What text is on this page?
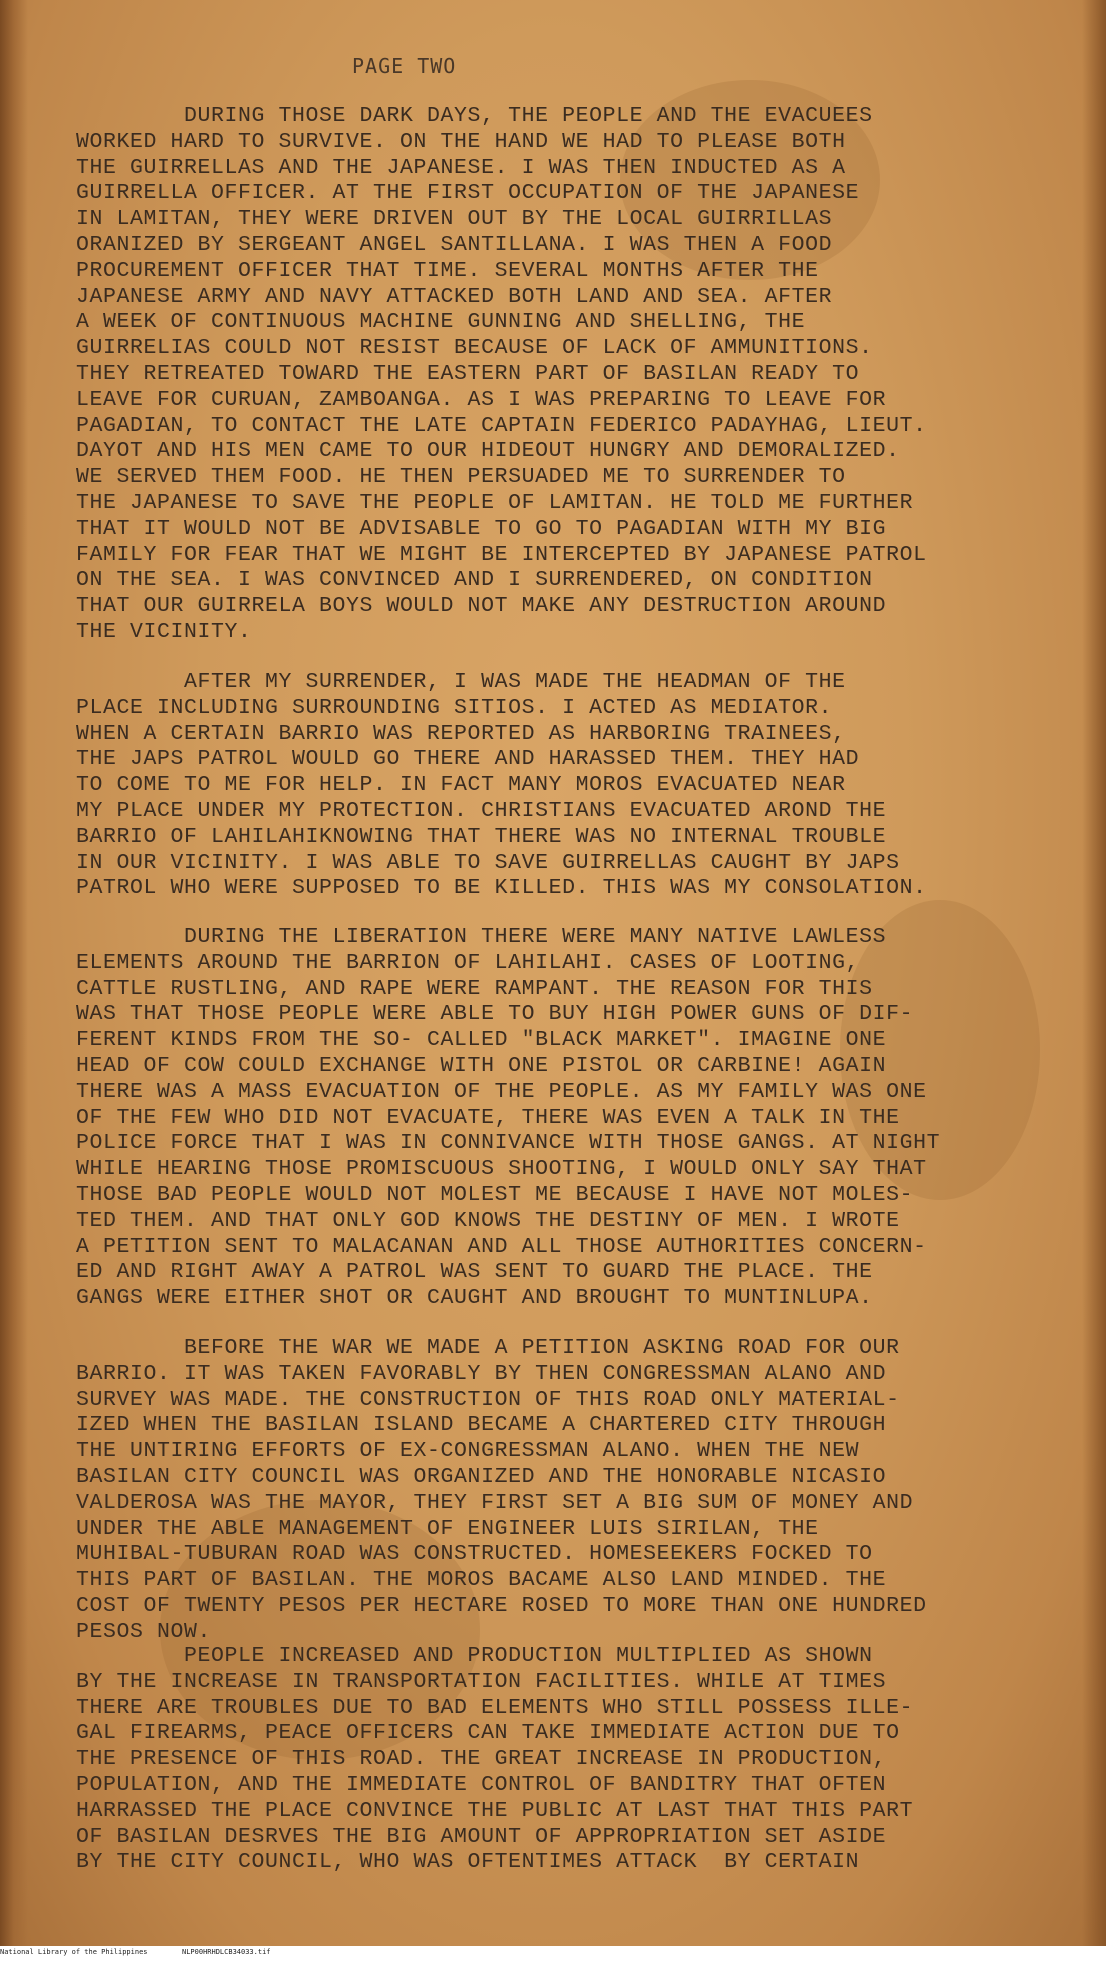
PAGE TWO
DURING THOSE DARK DAYS, THE PEOPLE AND THE EVACUEES
WORKED HARD TO SURVIVE. ON THE HAND WE HAD TO PLEASE BOTH
THE GUIRRELLAS AND THE JAPANESE. I WAS THEN INDUCTED AS A
GUIRRELLA OFFICER. AT THE FIRST OCCUPATION OF THE JAPANESE
IN LAMITAN, THEY WERE DRIVEN OUT BY THE LOCAL GUIRRILLAS
ORANIZED BY SERGEANT ANGEL SANTILLANA. I WAS THEN A FOOD
PROCUREMENT OFFICER THAT TIME. SEVERAL MONTHS AFTER THE
JAPANESE ARMY AND NAVY ATTACKED BOTH LAND AND SEA. AFTER
A WEEK OF CONTINUOUS MACHINE GUNNING AND SHELLING, THE
GUIRRELIAS COULD NOT RESIST BECAUSE OF LACK OF AMMUNITIONS.
THEY RETREATED TOWARD THE EASTERN PART OF BASILAN READY TO
LEAVE FOR CURUAN, ZAMBOANGA. AS I WAS PREPARING TO LEAVE FOR
PAGADIAN, TO CONTACT THE LATE CAPTAIN FEDERICO PADAYHAG, LIEUT.
DAYOT AND HIS MEN CAME TO OUR HIDEOUT HUNGRY AND DEMORALIZED.
WE SERVED THEM FOOD. HE THEN PERSUADED ME TO SURRENDER TO
THE JAPANESE TO SAVE THE PEOPLE OF LAMITAN. HE TOLD ME FURTHER
THAT IT WOULD NOT BE ADVISABLE TO GO TO PAGADIAN WITH MY BIG
FAMILY FOR FEAR THAT WE MIGHT BE INTERCEPTED BY JAPANESE PATROL
ON THE SEA. I WAS CONVINCED AND I SURRENDERED, ON CONDITION
THAT OUR GUIRRELA BOYS WOULD NOT MAKE ANY DESTRUCTION AROUND
THE VICINITY.
AFTER MY SURRENDER, I WAS MADE THE HEADMAN OF THE
PLACE INCLUDING SURROUNDING SITIOS. I ACTED AS MEDIATOR.
WHEN A CERTAIN BARRIO WAS REPORTED AS HARBORING TRAINEES,
THE JAPS PATROL WOULD GO THERE AND HARASSED THEM. THEY HAD
TO COME TO ME FOR HELP. IN FACT MANY MOROS EVACUATED NEAR
MY PLACE UNDER MY PROTECTION. CHRISTIANS EVACUATED AROND THE
BARRIO OF LAHILAHIKNOWING THAT THERE WAS NO INTERNAL TROUBLE
IN OUR VICINITY. I WAS ABLE TO SAVE GUIRRELLAS CAUGHT BY JAPS
PATROL WHO WERE SUPPOSED TO BE KILLED. THIS WAS MY CONSOLATION.
DURING THE LIBERATION THERE WERE MANY NATIVE LAWLESS
ELEMENTS AROUND THE BARRION OF LAHILAHI. CASES OF LOOTING,
CATTLE RUSTLING, AND RAPE WERE RAMPANT. THE REASON FOR THIS
WAS THAT THOSE PEOPLE WERE ABLE TO BUY HIGH POWER GUNS OF DIF-
FERENT KINDS FROM THE SO- CALLED "BLACK MARKET". IMAGINE ONE
HEAD OF COW COULD EXCHANGE WITH ONE PISTOL OR CARBINE! AGAIN
THERE WAS A MASS EVACUATION OF THE PEOPLE. AS MY FAMILY WAS ONE
OF THE FEW WHO DID NOT EVACUATE, THERE WAS EVEN A TALK IN THE
POLICE FORCE THAT I WAS IN CONNIVANCE WITH THOSE GANGS. AT NIGHT
WHILE HEARING THOSE PROMISCUOUS SHOOTING, I WOULD ONLY SAY THAT
THOSE BAD PEOPLE WOULD NOT MOLEST ME BECAUSE I HAVE NOT MOLES-
TED THEM. AND THAT ONLY GOD KNOWS THE DESTINY OF MEN. I WROTE
A PETITION SENT TO MALACANAN AND ALL THOSE AUTHORITIES CONCERN-
ED AND RIGHT AWAY A PATROL WAS SENT TO GUARD THE PLACE. THE
GANGS WERE EITHER SHOT OR CAUGHT AND BROUGHT TO MUNTINLUPA.
BEFORE THE WAR WE MADE A PETITION ASKING ROAD FOR OUR
BARRIO. IT WAS TAKEN FAVORABLY BY THEN CONGRESSMAN ALANO AND
SURVEY WAS MADE. THE CONSTRUCTION OF THIS ROAD ONLY MATERIAL-
IZED WHEN THE BASILAN ISLAND BECAME A CHARTERED CITY THROUGH
THE UNTIRING EFFORTS OF EX-CONGRESSMAN ALANO. WHEN THE NEW
BASILAN CITY COUNCIL WAS ORGANIZED AND THE HONORABLE NICASIO
VALDEROSA WAS THE MAYOR, THEY FIRST SET A BIG SUM OF MONEY AND
UNDER THE ABLE MANAGEMENT OF ENGINEER LUIS SIRILAN, THE
MUHIBAL-TUBURAN ROAD WAS CONSTRUCTED. HOMESEEKERS FOCKED TO
THIS PART OF BASILAN. THE MOROS BACAME ALSO LAND MINDED. THE
COST OF TWENTY PESOS PER HECTARE ROSED TO MORE THAN ONE HUNDRED
PESOS NOW.
PEOPLE INCREASED AND PRODUCTION MULTIPLIED AS SHOWN
BY THE INCREASE IN TRANSPORTATION FACILITIES. WHILE AT TIMES
THERE ARE TROUBLES DUE TO BAD ELEMENTS WHO STILL POSSESS ILLE-
GAL FIREARMS, PEACE OFFICERS CAN TAKE IMMEDIATE ACTION DUE TO
THE PRESENCE OF THIS ROAD. THE GREAT INCREASE IN PRODUCTION,
POPULATION, AND THE IMMEDIATE CONTROL OF BANDITRY THAT OFTEN
HARRASSED THE PLACE CONVINCE THE PUBLIC AT LAST THAT THIS PART
OF BASILAN DESRVES THE BIG AMOUNT OF APPROPRIATION SET ASIDE
BY THE CITY COUNCIL, WHO WAS OFTENTIMES ATTACK  BY CERTAIN

National Library of the Philippines

	NLP00HRHDLCB34033.tif
